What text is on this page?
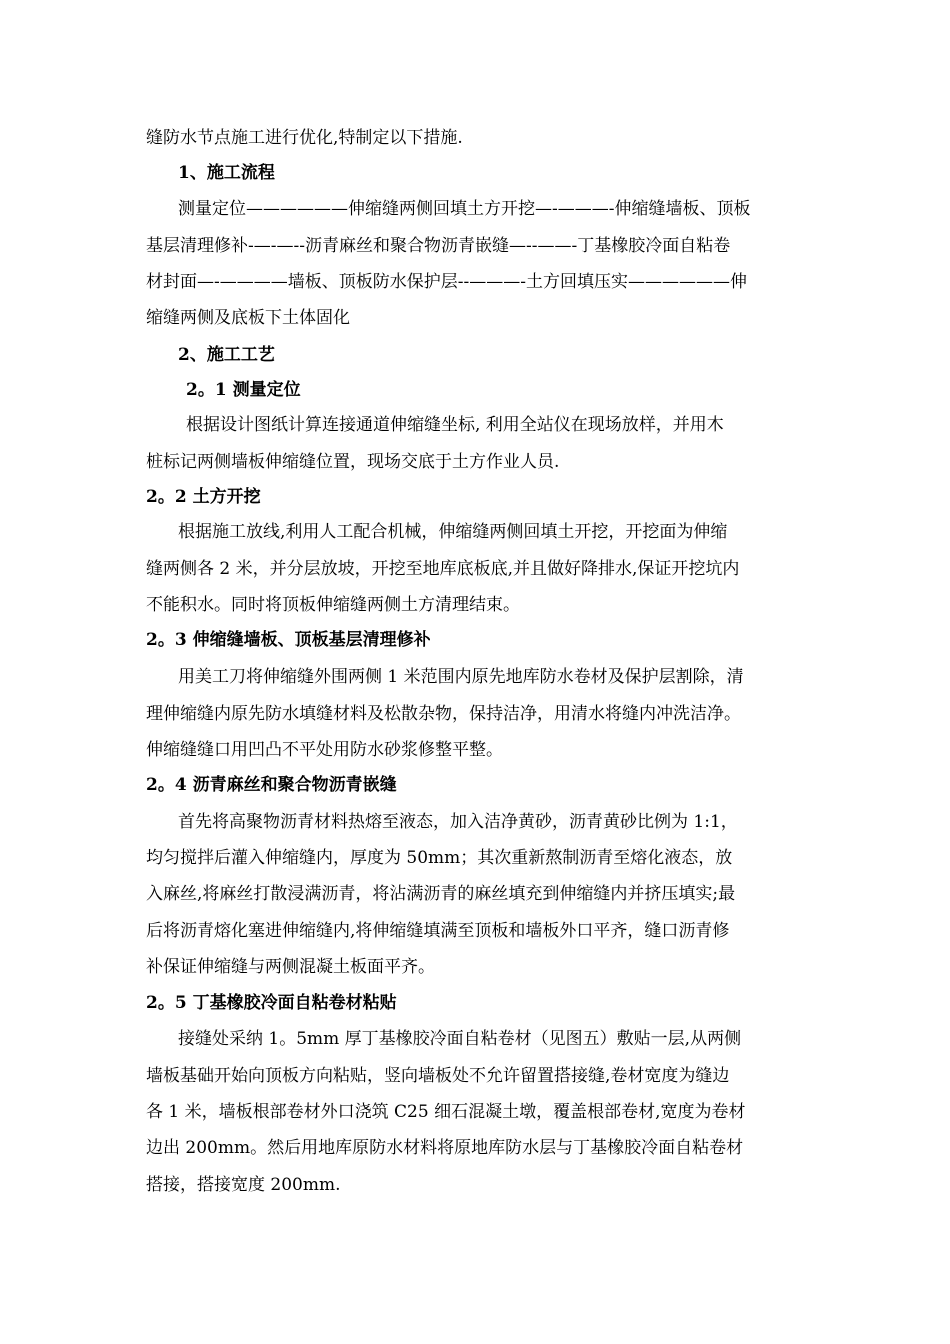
缝防水节点施工进行优化,特制定以下措施.
1、施工流程
测量定位——————伸缩缝两侧回填土方开挖—-———-伸缩缝墙板、顶板
基层清理修补-—-—--沥青麻丝和聚合物沥青嵌缝—--——-丁基橡胶冷面自粘卷
材封面—-————墙板、顶板防水保护层--———-土方回填压实——————伸
缩缝两侧及底板下土体固化
2、施工工艺
2。1 测量定位
根据设计图纸计算连接通道伸缩缝坐标, 利用全站仪在现场放样，并用木
桩标记两侧墙板伸缩缝位置，现场交底于土方作业人员.
2。2 土方开挖
根据施工放线,利用人工配合机械，伸缩缝两侧回填土开挖，开挖面为伸缩
缝两侧各 2 米，并分层放坡，开挖至地库底板底,并且做好降排水,保证开挖坑内
不能积水。同时将顶板伸缩缝两侧土方清理结束。
2。3 伸缩缝墙板、顶板基层清理修补
用美工刀将伸缩缝外围两侧 1 米范围内原先地库防水卷材及保护层割除，清
理伸缩缝内原先防水填缝材料及松散杂物，保持洁净，用清水将缝内冲洗洁净。
伸缩缝缝口用凹凸不平处用防水砂浆修整平整。
2。4 沥青麻丝和聚合物沥青嵌缝
首先将高聚物沥青材料热熔至液态，加入洁净黄砂，沥青黄砂比例为 1:1，
均匀搅拌后灌入伸缩缝内，厚度为 50mm；其次重新熬制沥青至熔化液态，放
入麻丝,将麻丝打散浸满沥青，将沾满沥青的麻丝填充到伸缩缝内并挤压填实;最
后将沥青熔化塞进伸缩缝内,将伸缩缝填满至顶板和墙板外口平齐，缝口沥青修
补保证伸缩缝与两侧混凝土板面平齐。
2。5 丁基橡胶冷面自粘卷材粘贴
接缝处采纳 1。5mm 厚丁基橡胶冷面自粘卷材（见图五）敷贴一层,从两侧
墙板基础开始向顶板方向粘贴，竖向墙板处不允许留置搭接缝,卷材宽度为缝边
各 1 米，墙板根部卷材外口浇筑 C25 细石混凝土墩，覆盖根部卷材,宽度为卷材
边出 200mm。然后用地库原防水材料将原地库防水层与丁基橡胶冷面自粘卷材
搭接，搭接宽度 200mm.
